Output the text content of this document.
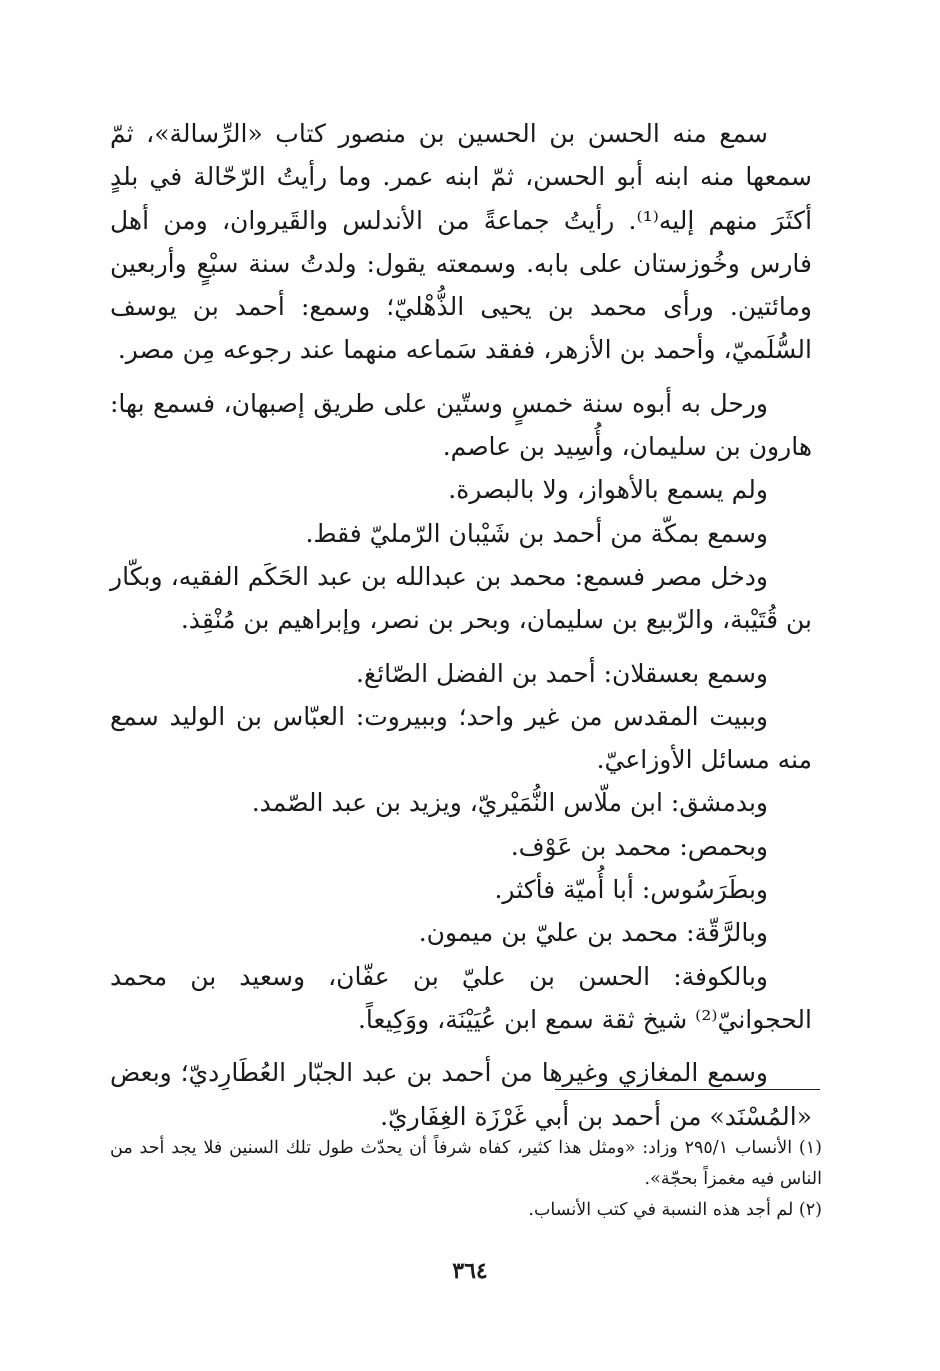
سمع منه الحسن بن الحسين بن منصور كتاب «الرِّسالة»، ثمّ سمعها منه ابنه أبو الحسن، ثمّ ابنه عمر. وما رأيتُ الرّحّالة في بلدٍ أكثَرَ منهم إليه⁽¹⁾. رأيتُ جماعةً من الأندلس والقَيروان، ومن أهل فارس وخُوزستان على بابه. وسمعته يقول: ولدتُ سنة سبْعٍ وأربعين ومائتين. ورأى محمد بن يحيى الذُّهْليّ؛ وسمع: أحمد بن يوسف السُّلَميّ، وأحمد بن الأزهر، ففقد سَماعه منهما عند رجوعه مِن مصر.

ورحل به أبوه سنة خمسٍ وستّين على طريق إصبهان، فسمع بها: هارون بن سليمان، وأُسِيد بن عاصم.

ولم يسمع بالأهواز، ولا بالبصرة.

وسمع بمكّة من أحمد بن شَيْبان الرّمليّ فقط.

ودخل مصر فسمع: محمد بن عبدالله بن عبد الحَكَم الفقيه، وبكّار بن قُتَيْبة، والرّبيع بن سليمان، وبحر بن نصر، وإبراهيم بن مُنْقِذ.

وسمع بعسقلان: أحمد بن الفضل الصّائغ.

وببيت المقدس من غير واحد؛ وببيروت: العبّاس بن الوليد سمع منه مسائل الأوزاعيّ.

وبدمشق: ابن ملّاس النُّمَيْريّ، ويزيد بن عبد الصّمد.

وبحمص: محمد بن عَوْف.

وبطَرَسُوس: أبا أُميّة فأكثر.

وبالرَّقّة: محمد بن عليّ بن ميمون.

وبالكوفة: الحسن بن عليّ بن عفّان، وسعيد بن محمد الحجوانيّ⁽²⁾ شيخ ثقة سمع ابن عُيَيْنَة، ووَكِيعاً.

وسمع المغازي وغيرها من أحمد بن عبد الجبّار العُطَارِديّ؛ وبعض «المُسْنَد» من أحمد بن أبي غَرْزَة الغِفَاريّ.

(١) الأنساب ٢٩٥/١ وزاد: «ومثل هذا كثير، كفاه شرفاً أن يحدّث طول تلك السنين فلا يجد أحد من الناس فيه مغمزاً بحجّة».

(٢) لم أجد هذه النسبة في كتب الأنساب.

٣٦٤
